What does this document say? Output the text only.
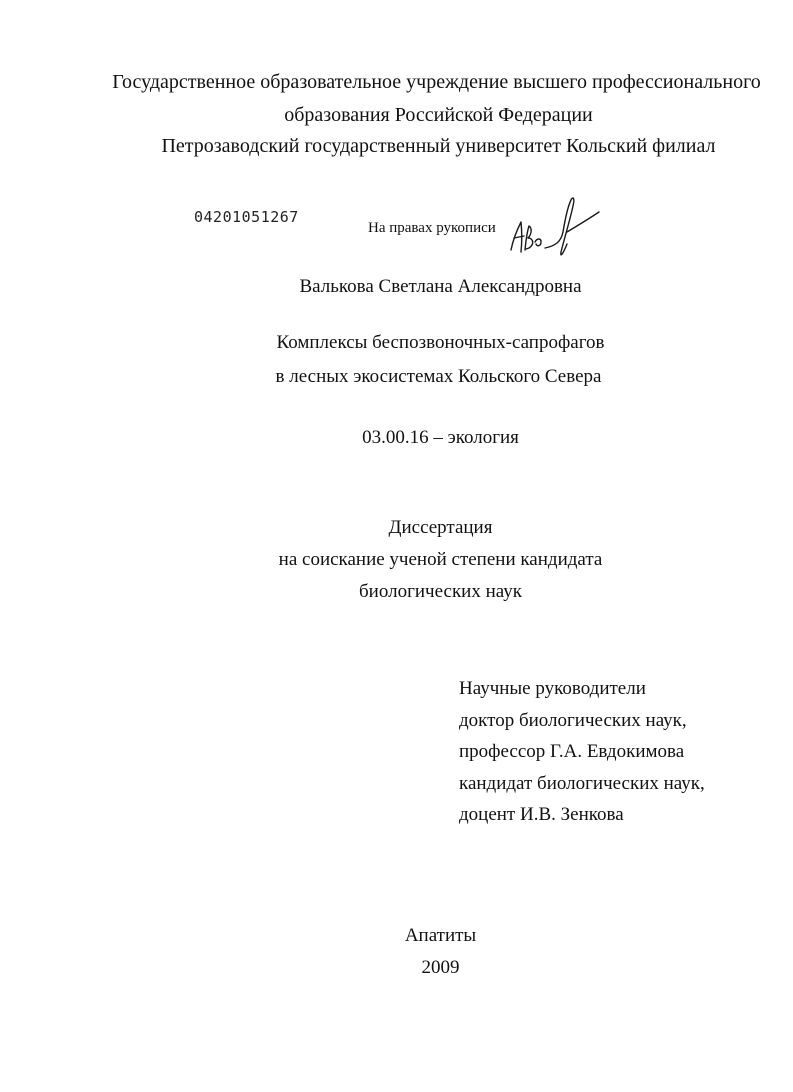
Государственное образовательное учреждение высшего профессионального
образования Российской Федерации
Петрозаводский государственный университет Кольский филиал
04201051267
На правах рукописи
Валькова Светлана Александровна
Комплексы беспозвоночных-сапрофагов
в лесных экосистемах Кольского Севера
03.00.16 – экология
Диссертация
на соискание ученой степени кандидата
биологических наук
Научные руководители
доктор биологических наук,
профессор Г.А. Евдокимова
кандидат биологических наук,
доцент И.В. Зенкова
Апатиты
2009
